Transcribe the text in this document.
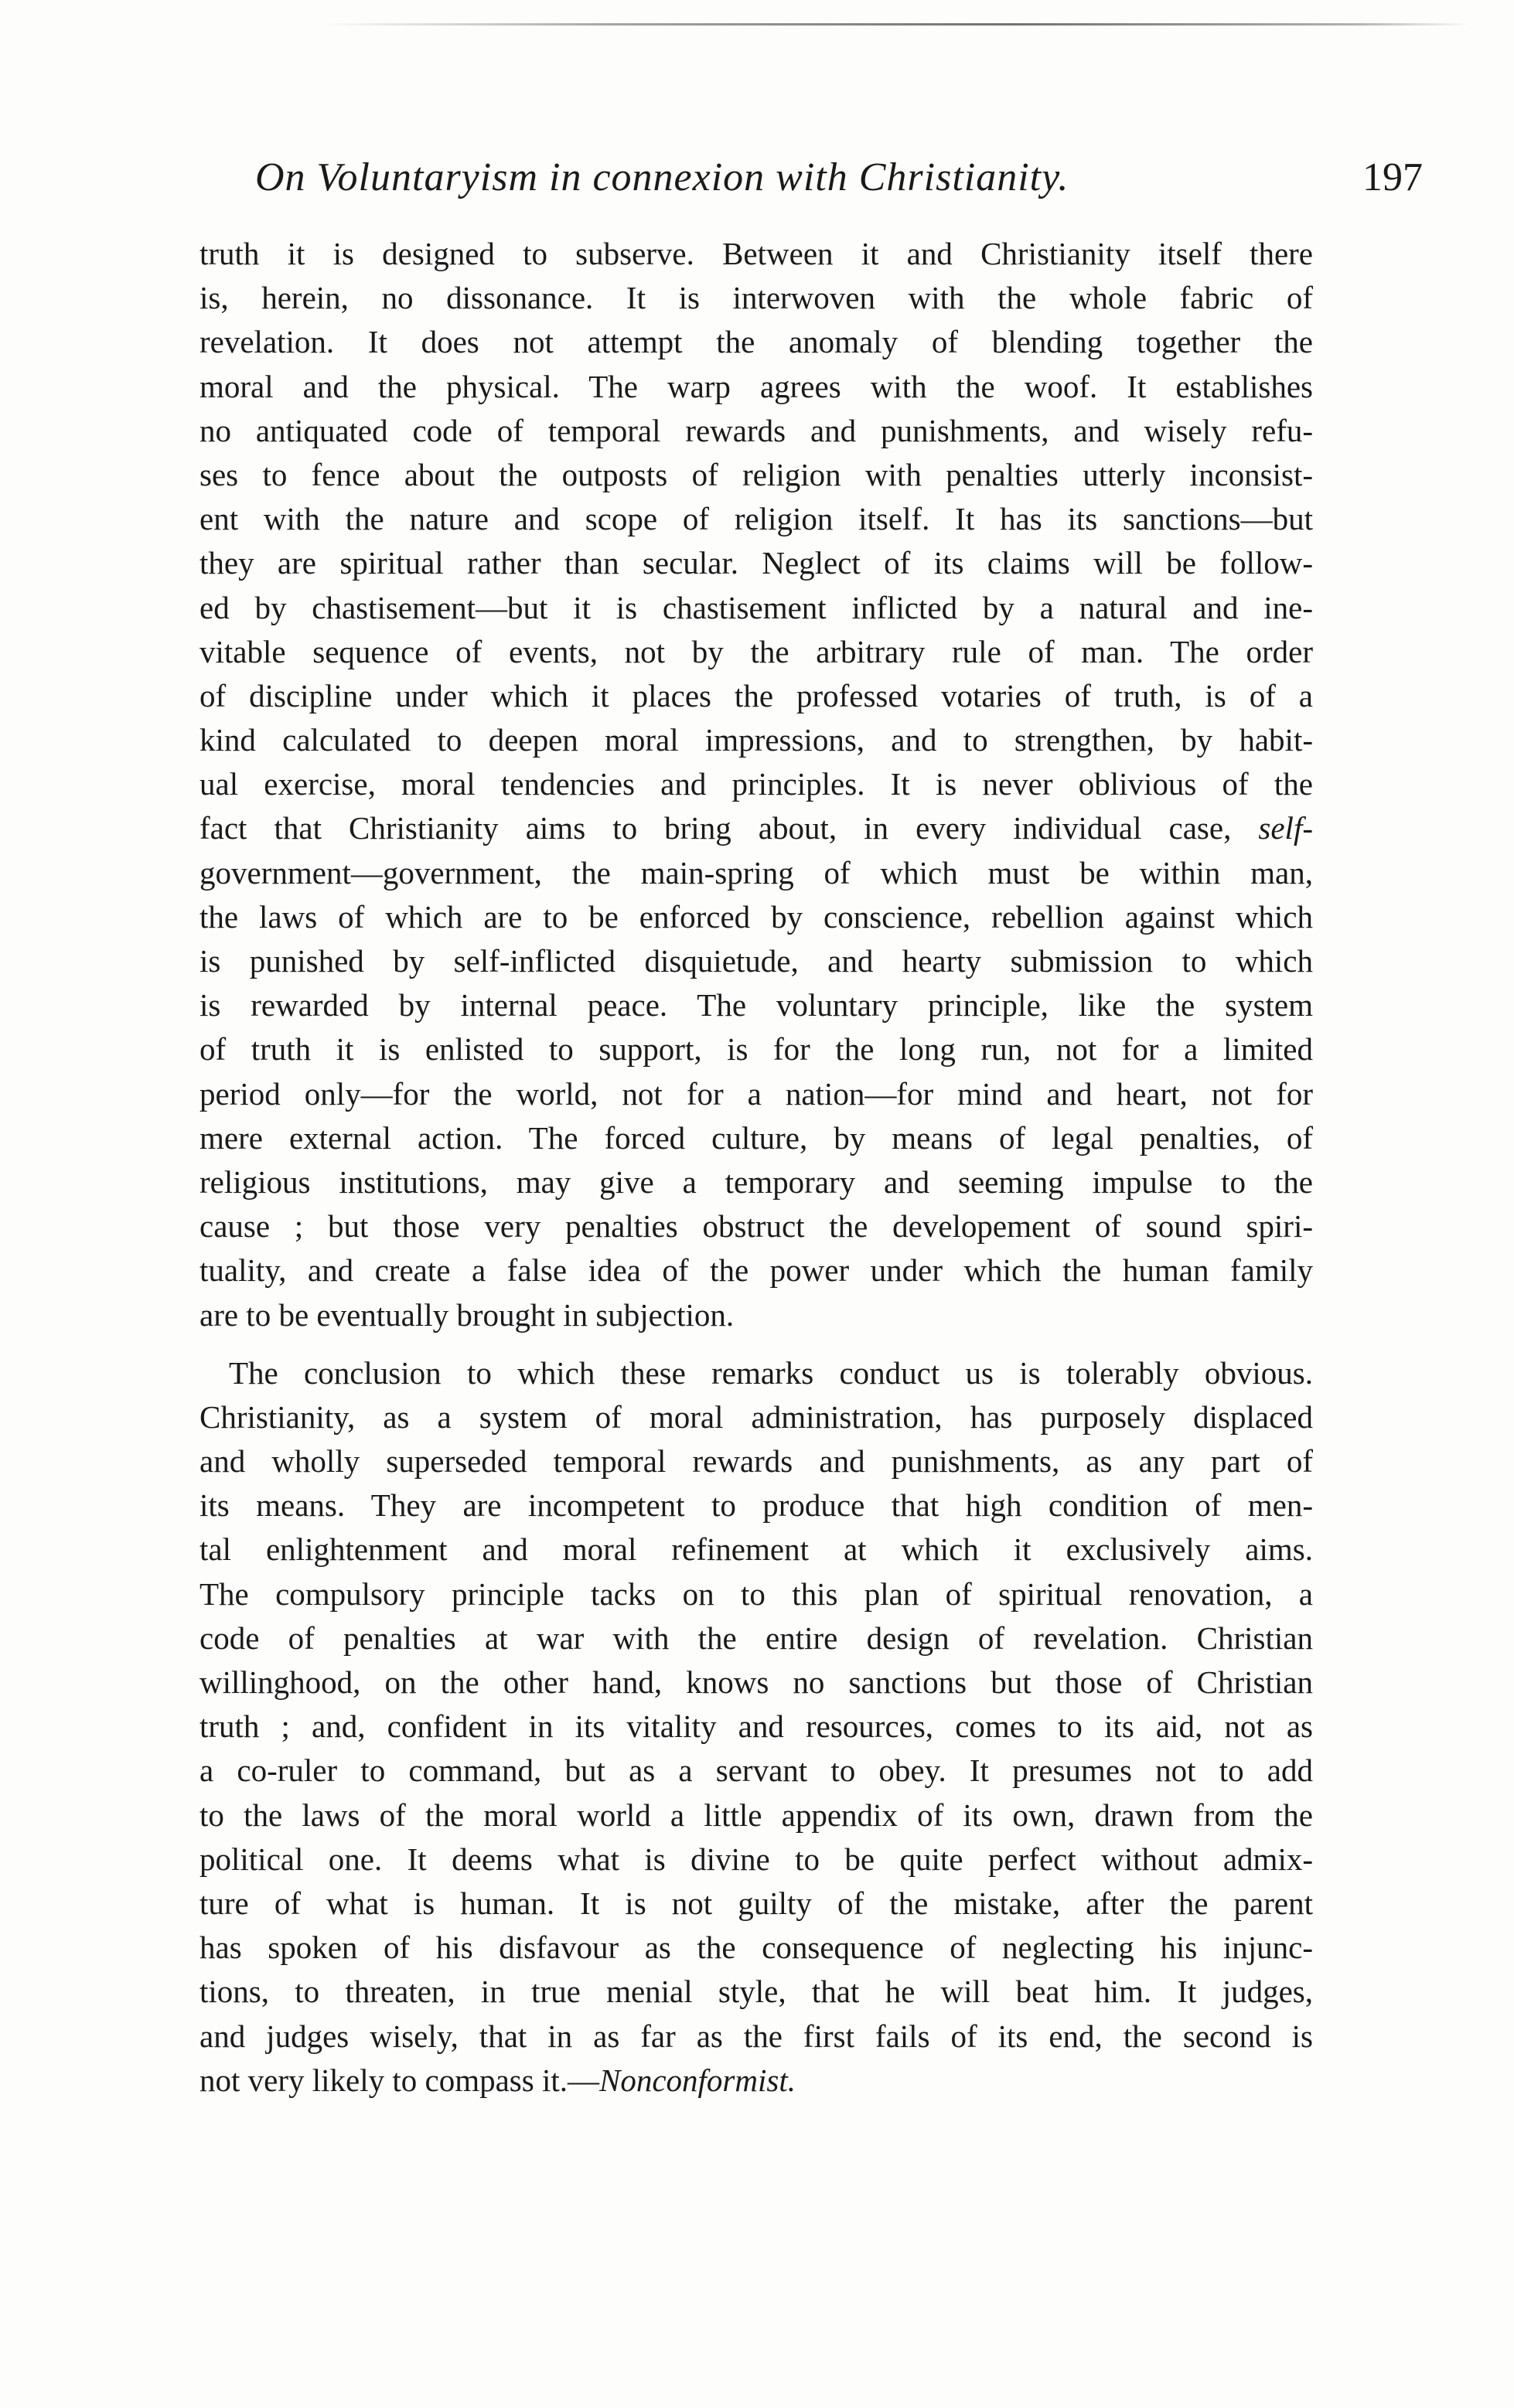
On Voluntaryism in connexion with Christianity.	197
truth it is designed to subserve. Between it and Christianity itself there
is, herein, no dissonance. It is interwoven with the whole fabric of
revelation. It does not attempt the anomaly of blending together the
moral and the physical. The warp agrees with the woof. It establishes
no antiquated code of temporal rewards and punishments, and wisely refu-
ses to fence about the outposts of religion with penalties utterly inconsist-
ent with the nature and scope of religion itself. It has its sanctions—but
they are spiritual rather than secular. Neglect of its claims will be follow-
ed by chastisement—but it is chastisement inflicted by a natural and ine-
vitable sequence of events, not by the arbitrary rule of man. The order
of discipline under which it places the professed votaries of truth, is of a
kind calculated to deepen moral impressions, and to strengthen, by habit-
ual exercise, moral tendencies and principles. It is never oblivious of the
fact that Christianity aims to bring about, in every individual case, self-
government—government, the main-spring of which must be within man,
the laws of which are to be enforced by conscience, rebellion against which
is punished by self-inflicted disquietude, and hearty submission to which
is rewarded by internal peace. The voluntary principle, like the system
of truth it is enlisted to support, is for the long run, not for a limited
period only—for the world, not for a nation—for mind and heart, not for
mere external action. The forced culture, by means of legal penalties, of
religious institutions, may give a temporary and seeming impulse to the
cause ; but those very penalties obstruct the developement of sound spiri-
tuality, and create a false idea of the power under which the human family
are to be eventually brought in subjection.
The conclusion to which these remarks conduct us is tolerably obvious.
Christianity, as a system of moral administration, has purposely displaced
and wholly superseded temporal rewards and punishments, as any part of
its means. They are incompetent to produce that high condition of men-
tal enlightenment and moral refinement at which it exclusively aims.
The compulsory principle tacks on to this plan of spiritual renovation, a
code of penalties at war with the entire design of revelation. Christian
willinghood, on the other hand, knows no sanctions but those of Christian
truth ; and, confident in its vitality and resources, comes to its aid, not as
a co-ruler to command, but as a servant to obey. It presumes not to add
to the laws of the moral world a little appendix of its own, drawn from the
political one. It deems what is divine to be quite perfect without admix-
ture of what is human. It is not guilty of the mistake, after the parent
has spoken of his disfavour as the consequence of neglecting his injunc-
tions, to threaten, in true menial style, that he will beat him. It judges,
and judges wisely, that in as far as the first fails of its end, the second is
not very likely to compass it.—Nonconformist.
